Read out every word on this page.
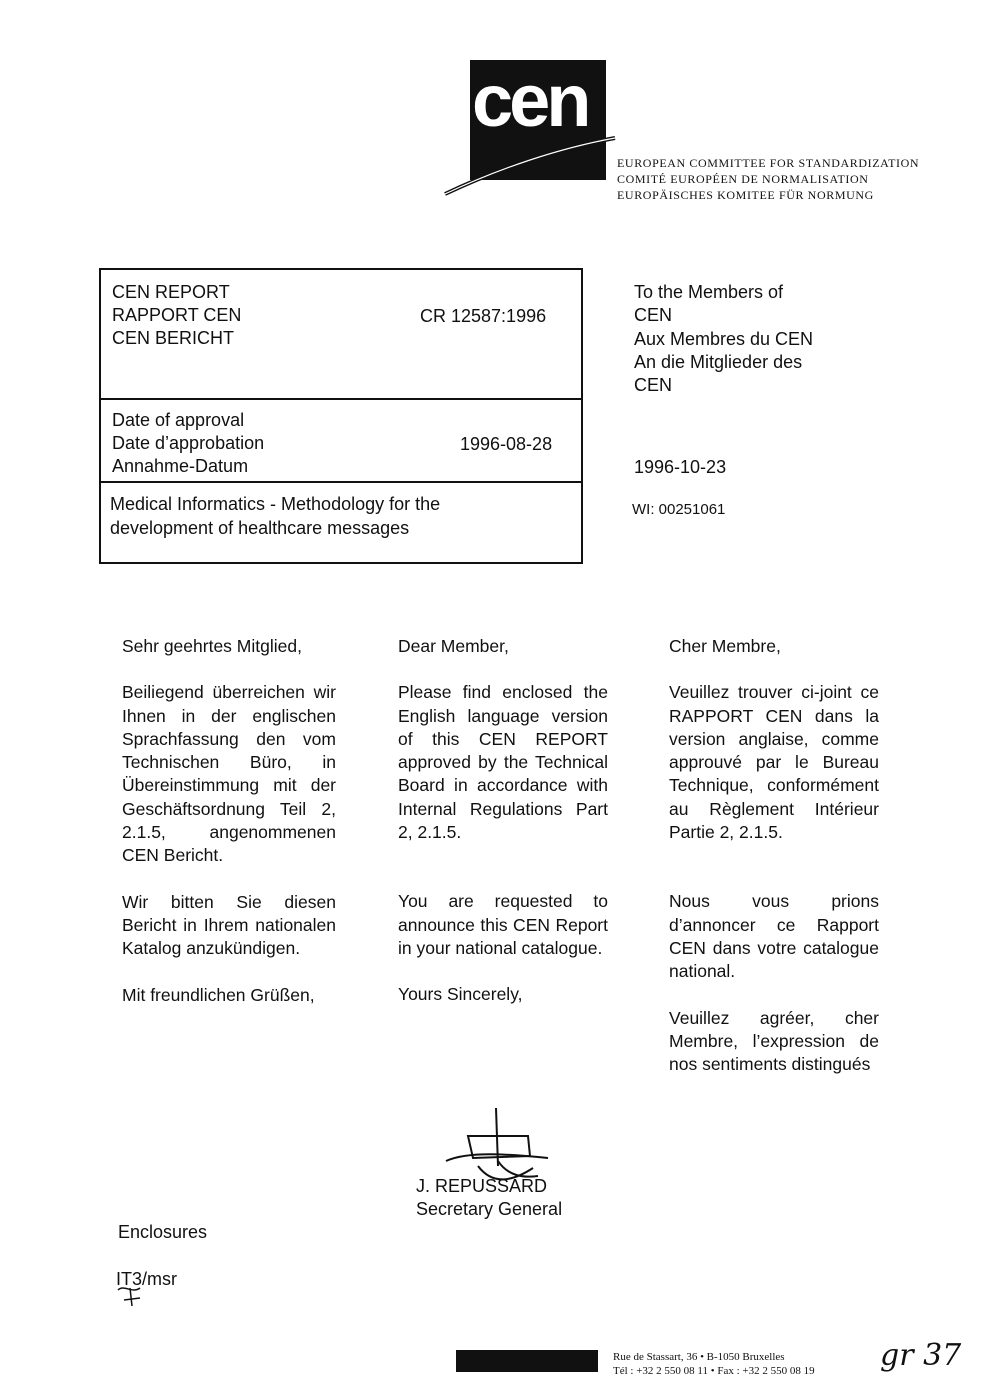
cen
EUROPEAN COMMITTEE FOR STANDARDIZATION
COMITÉ EUROPÉEN DE NORMALISATION
EUROPÄISCHES KOMITEE FÜR NORMUNG
CEN REPORT
RAPPORT CEN
CEN BERICHT
CR 12587:1996
Date of approval
Date d’approbation
Annahme-Datum
1996-08-28
Medical Informatics - Methodology for the
development of healthcare messages
To the Members of
CEN
Aux Membres du CEN
An die Mitglieder des
CEN
1996-10-23
WI: 00251061

Sehr geehrtes Mitglied,

Beiliegend überreichen wir Ihnen in der englischen Sprachfassung den vom Technischen Büro, in Übereinstimmung mit der Geschäftsordnung Teil 2, 2.1.5, angenommenen CEN Bericht.

Wir bitten Sie diesen Bericht in Ihrem nationalen Katalog anzukündigen.

Mit freundlichen Grüßen,

Dear Member,

Please find enclosed the English language version of this CEN REPORT approved by the Technical Board in accordance with Internal Regulations Part 2, 2.1.5.

You are requested to announce this CEN Report in your national catalogue.

Yours Sincerely,

Cher Membre,

Veuillez trouver ci-joint ce RAPPORT CEN dans la version anglaise, comme approuvé par le Bureau Technique, conformément au Règlement Intérieur Partie 2, 2.1.5.

Nous vous prions d’annoncer ce Rapport CEN dans votre catalogue national.

Veuillez agréer, cher Membre, l’expression de nos sentiments distingués

J. REPUSSARD
Secretary General
Enclosures
IT3/msr
Rue de Stassart, 36 • B-1050 Bruxelles
Tél : +32 2 550 08 11 • Fax : +32 2 550 08 19 gr 37
